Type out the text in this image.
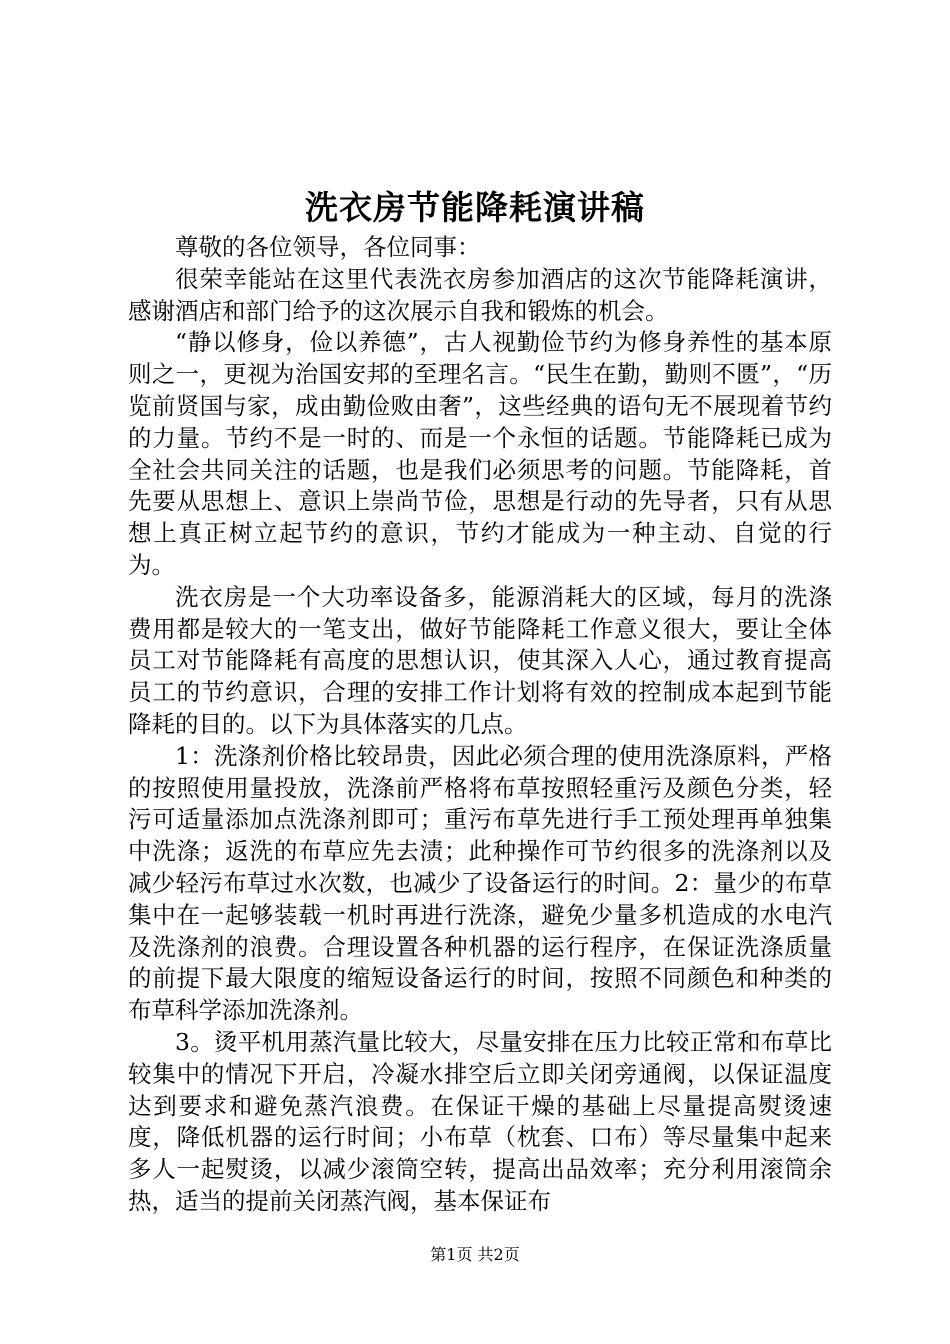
洗衣房节能降耗演讲稿

尊敬的各位领导，各位同事：

很荣幸能站在这里代表洗衣房参加酒店的这次节能降耗演讲，感谢酒店和部门给予的这次展示自我和锻炼的机会。

“静以修身，俭以养德”，古人视勤俭节约为修身养性的基本原则之一，更视为治国安邦的至理名言。“民生在勤，勤则不匮”，“历览前贤国与家，成由勤俭败由奢”，这些经典的语句无不展现着节约的力量。节约不是一时的、而是一个永恒的话题。节能降耗已成为全社会共同关注的话题，也是我们必须思考的问题。节能降耗，首先要从思想上、意识上崇尚节俭，思想是行动的先导者，只有从思想上真正树立起节约的意识，节约才能成为一种主动、自觉的行为。

洗衣房是一个大功率设备多，能源消耗大的区域，每月的洗涤费用都是较大的一笔支出，做好节能降耗工作意义很大，要让全体员工对节能降耗有高度的思想认识，使其深入人心，通过教育提高员工的节约意识，合理的安排工作计划将有效的控制成本起到节能降耗的目的。以下为具体落实的几点。

1：洗涤剂价格比较昂贵，因此必须合理的使用洗涤原料，严格的按照使用量投放，洗涤前严格将布草按照轻重污及颜色分类，轻污可适量添加点洗涤剂即可；重污布草先进行手工预处理再单独集中洗涤；返洗的布草应先去渍；此种操作可节约很多的洗涤剂以及减少轻污布草过水次数，也减少了设备运行的时间。2：量少的布草集中在一起够装载一机时再进行洗涤，避免少量多机造成的水电汽及洗涤剂的浪费。合理设置各种机器的运行程序，在保证洗涤质量的前提下最大限度的缩短设备运行的时间，按照不同颜色和种类的布草科学添加洗涤剂。

3。烫平机用蒸汽量比较大，尽量安排在压力比较正常和布草比较集中的情况下开启，冷凝水排空后立即关闭旁通阀，以保证温度达到要求和避免蒸汽浪费。在保证干燥的基础上尽量提高熨烫速度，降低机器的运行时间；小布草（枕套、口布）等尽量集中起来多人一起熨烫，以减少滚筒空转，提高出品效率；充分利用滚筒余热，适当的提前关闭蒸汽阀，基本保证布

第1页 共2页
